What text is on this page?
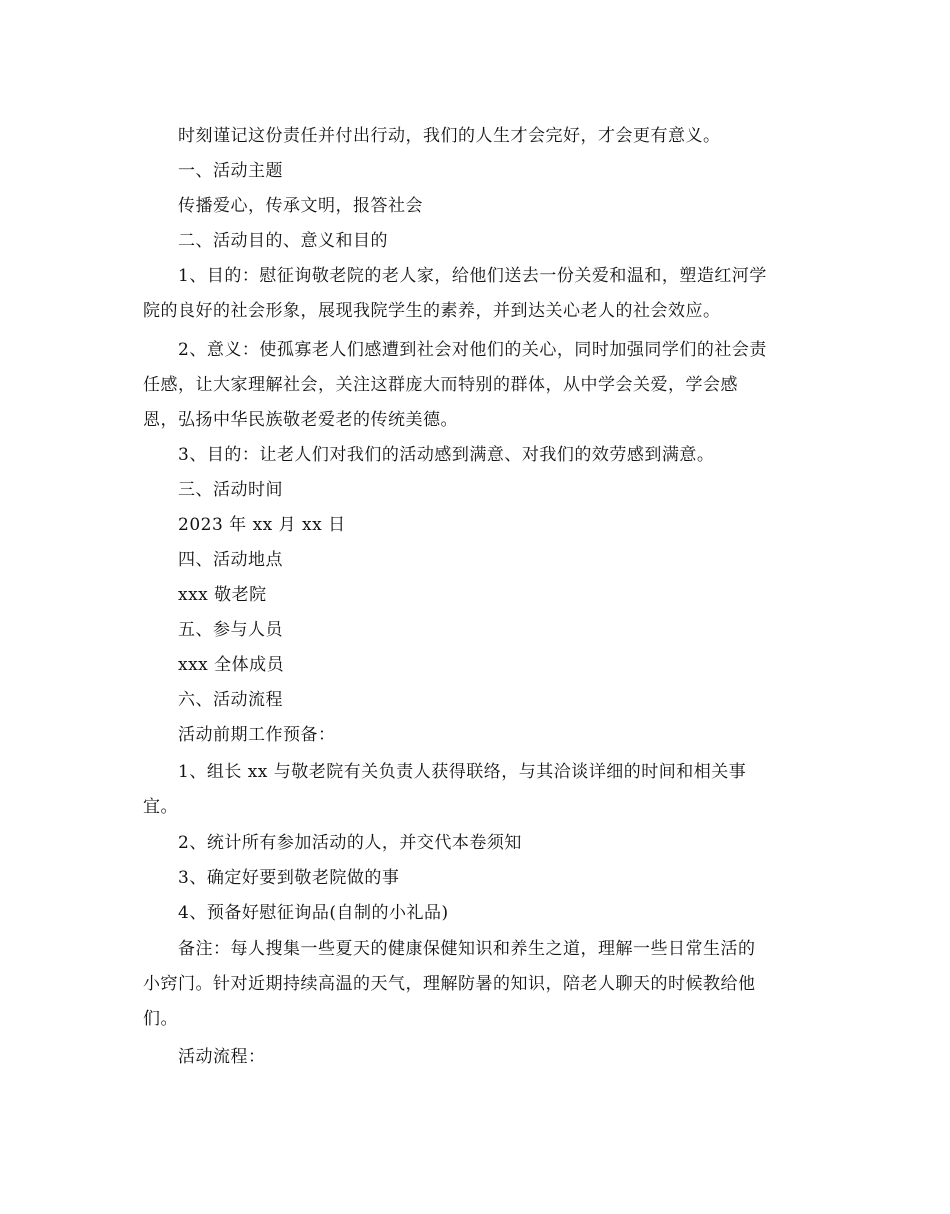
时刻谨记这份责任并付出行动，我们的人生才会完好，才会更有意义。
一、活动主题
传播爱心，传承文明，报答社会
二、活动目的、意义和目的
1、目的：慰征询敬老院的老人家，给他们送去一份关爱和温和，塑造红河学
院的良好的社会形象，展现我院学生的素养，并到达关心老人的社会效应。
2、意义：使孤寡老人们感遭到社会对他们的关心，同时加强同学们的社会责
任感，让大家理解社会，关注这群庞大而特别的群体，从中学会关爱，学会感
恩，弘扬中华民族敬老爱老的传统美德。
3、目的：让老人们对我们的活动感到满意、对我们的效劳感到满意。
三、活动时间
2023 年 xx 月 xx 日
四、活动地点
xxx 敬老院
五、参与人员
xxx 全体成员
六、活动流程
活动前期工作预备：
1、组长 xx 与敬老院有关负责人获得联络，与其洽谈详细的时间和相关事
宜。
2、统计所有参加活动的人，并交代本卷须知
3、确定好要到敬老院做的事
4、预备好慰征询品(自制的小礼品)
备注：每人搜集一些夏天的健康保健知识和养生之道，理解一些日常生活的
小窍门。针对近期持续高温的天气，理解防暑的知识，陪老人聊天的时候教给他
们。
活动流程：
